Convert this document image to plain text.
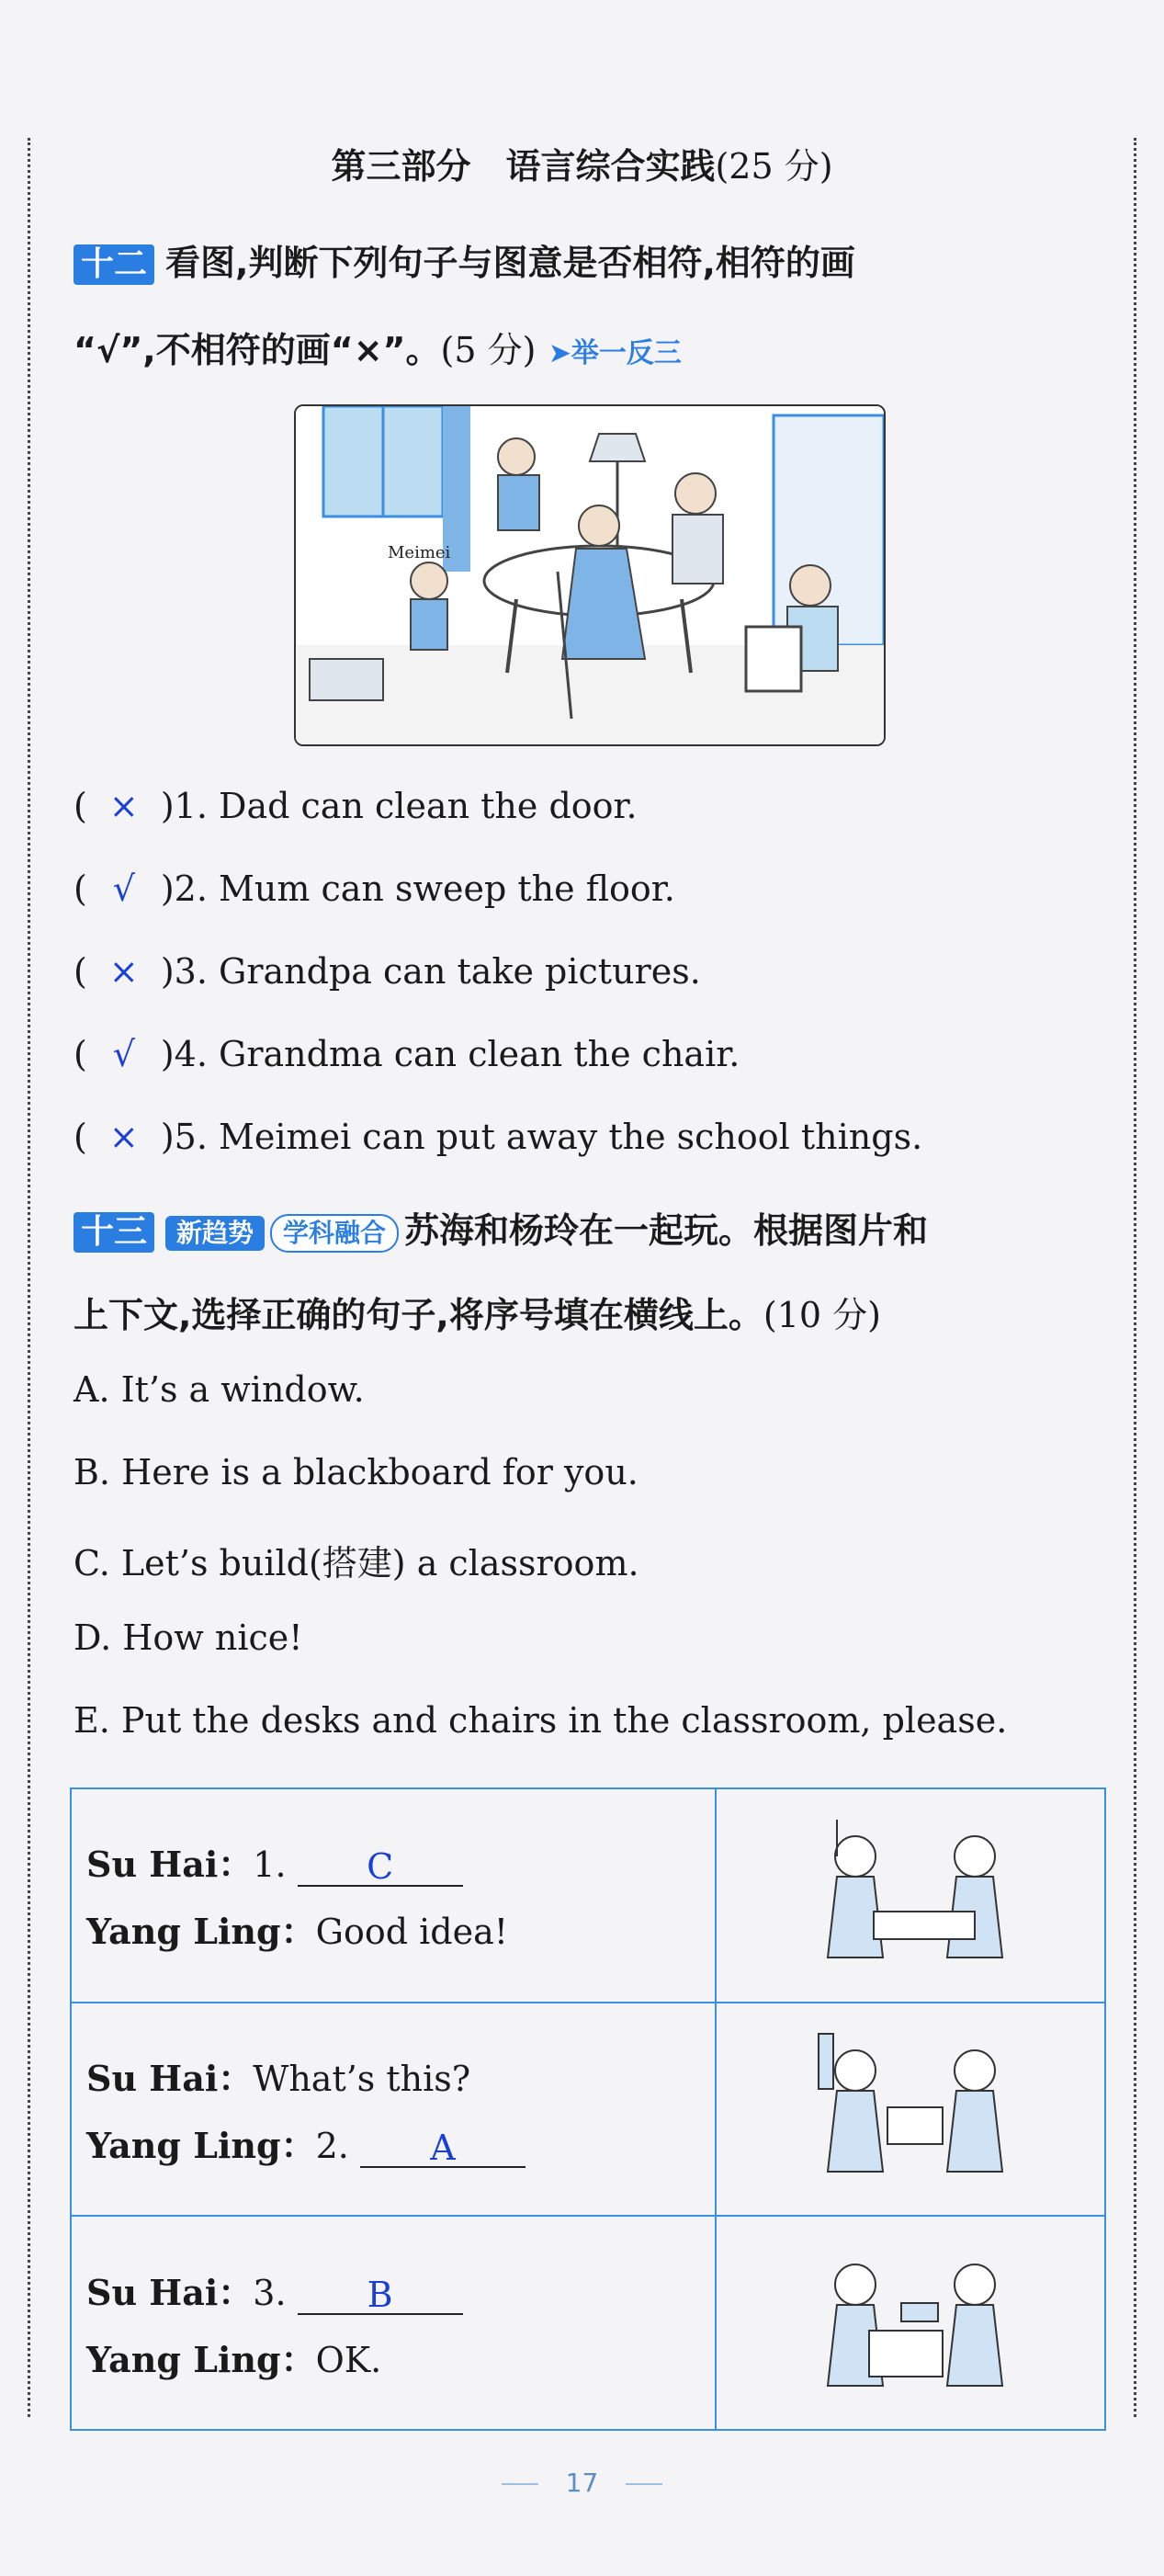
第三部分　语言综合实践(25 分)
十二 看图,判断下列句子与图意是否相符,相符的画
“√”,不相符的画“×”。(5 分) ➤举一反三
Meimei
( × )1. Dad can clean the door.
( √ )2. Mum can sweep the floor.
( × )3. Grandpa can take pictures.
( √ )4. Grandma can clean the chair.
( × )5. Meimei can put away the school things.
十三 新趋势 学科融合 苏海和杨玲在一起玩。根据图片和
上下文,选择正确的句子,将序号填在横线上。(10 分)
A. It’s a window.
B. Here is a blackboard for you.
C. Let’s build(搭建) a classroom.
D. How nice!
E. Put the desks and chairs in the classroom, please.
Su Hai：1. C
Yang Ling：Good idea!

Su Hai：What’s this?
Yang Ling：2. A

Su Hai：3. B
Yang Ling：OK.

17
